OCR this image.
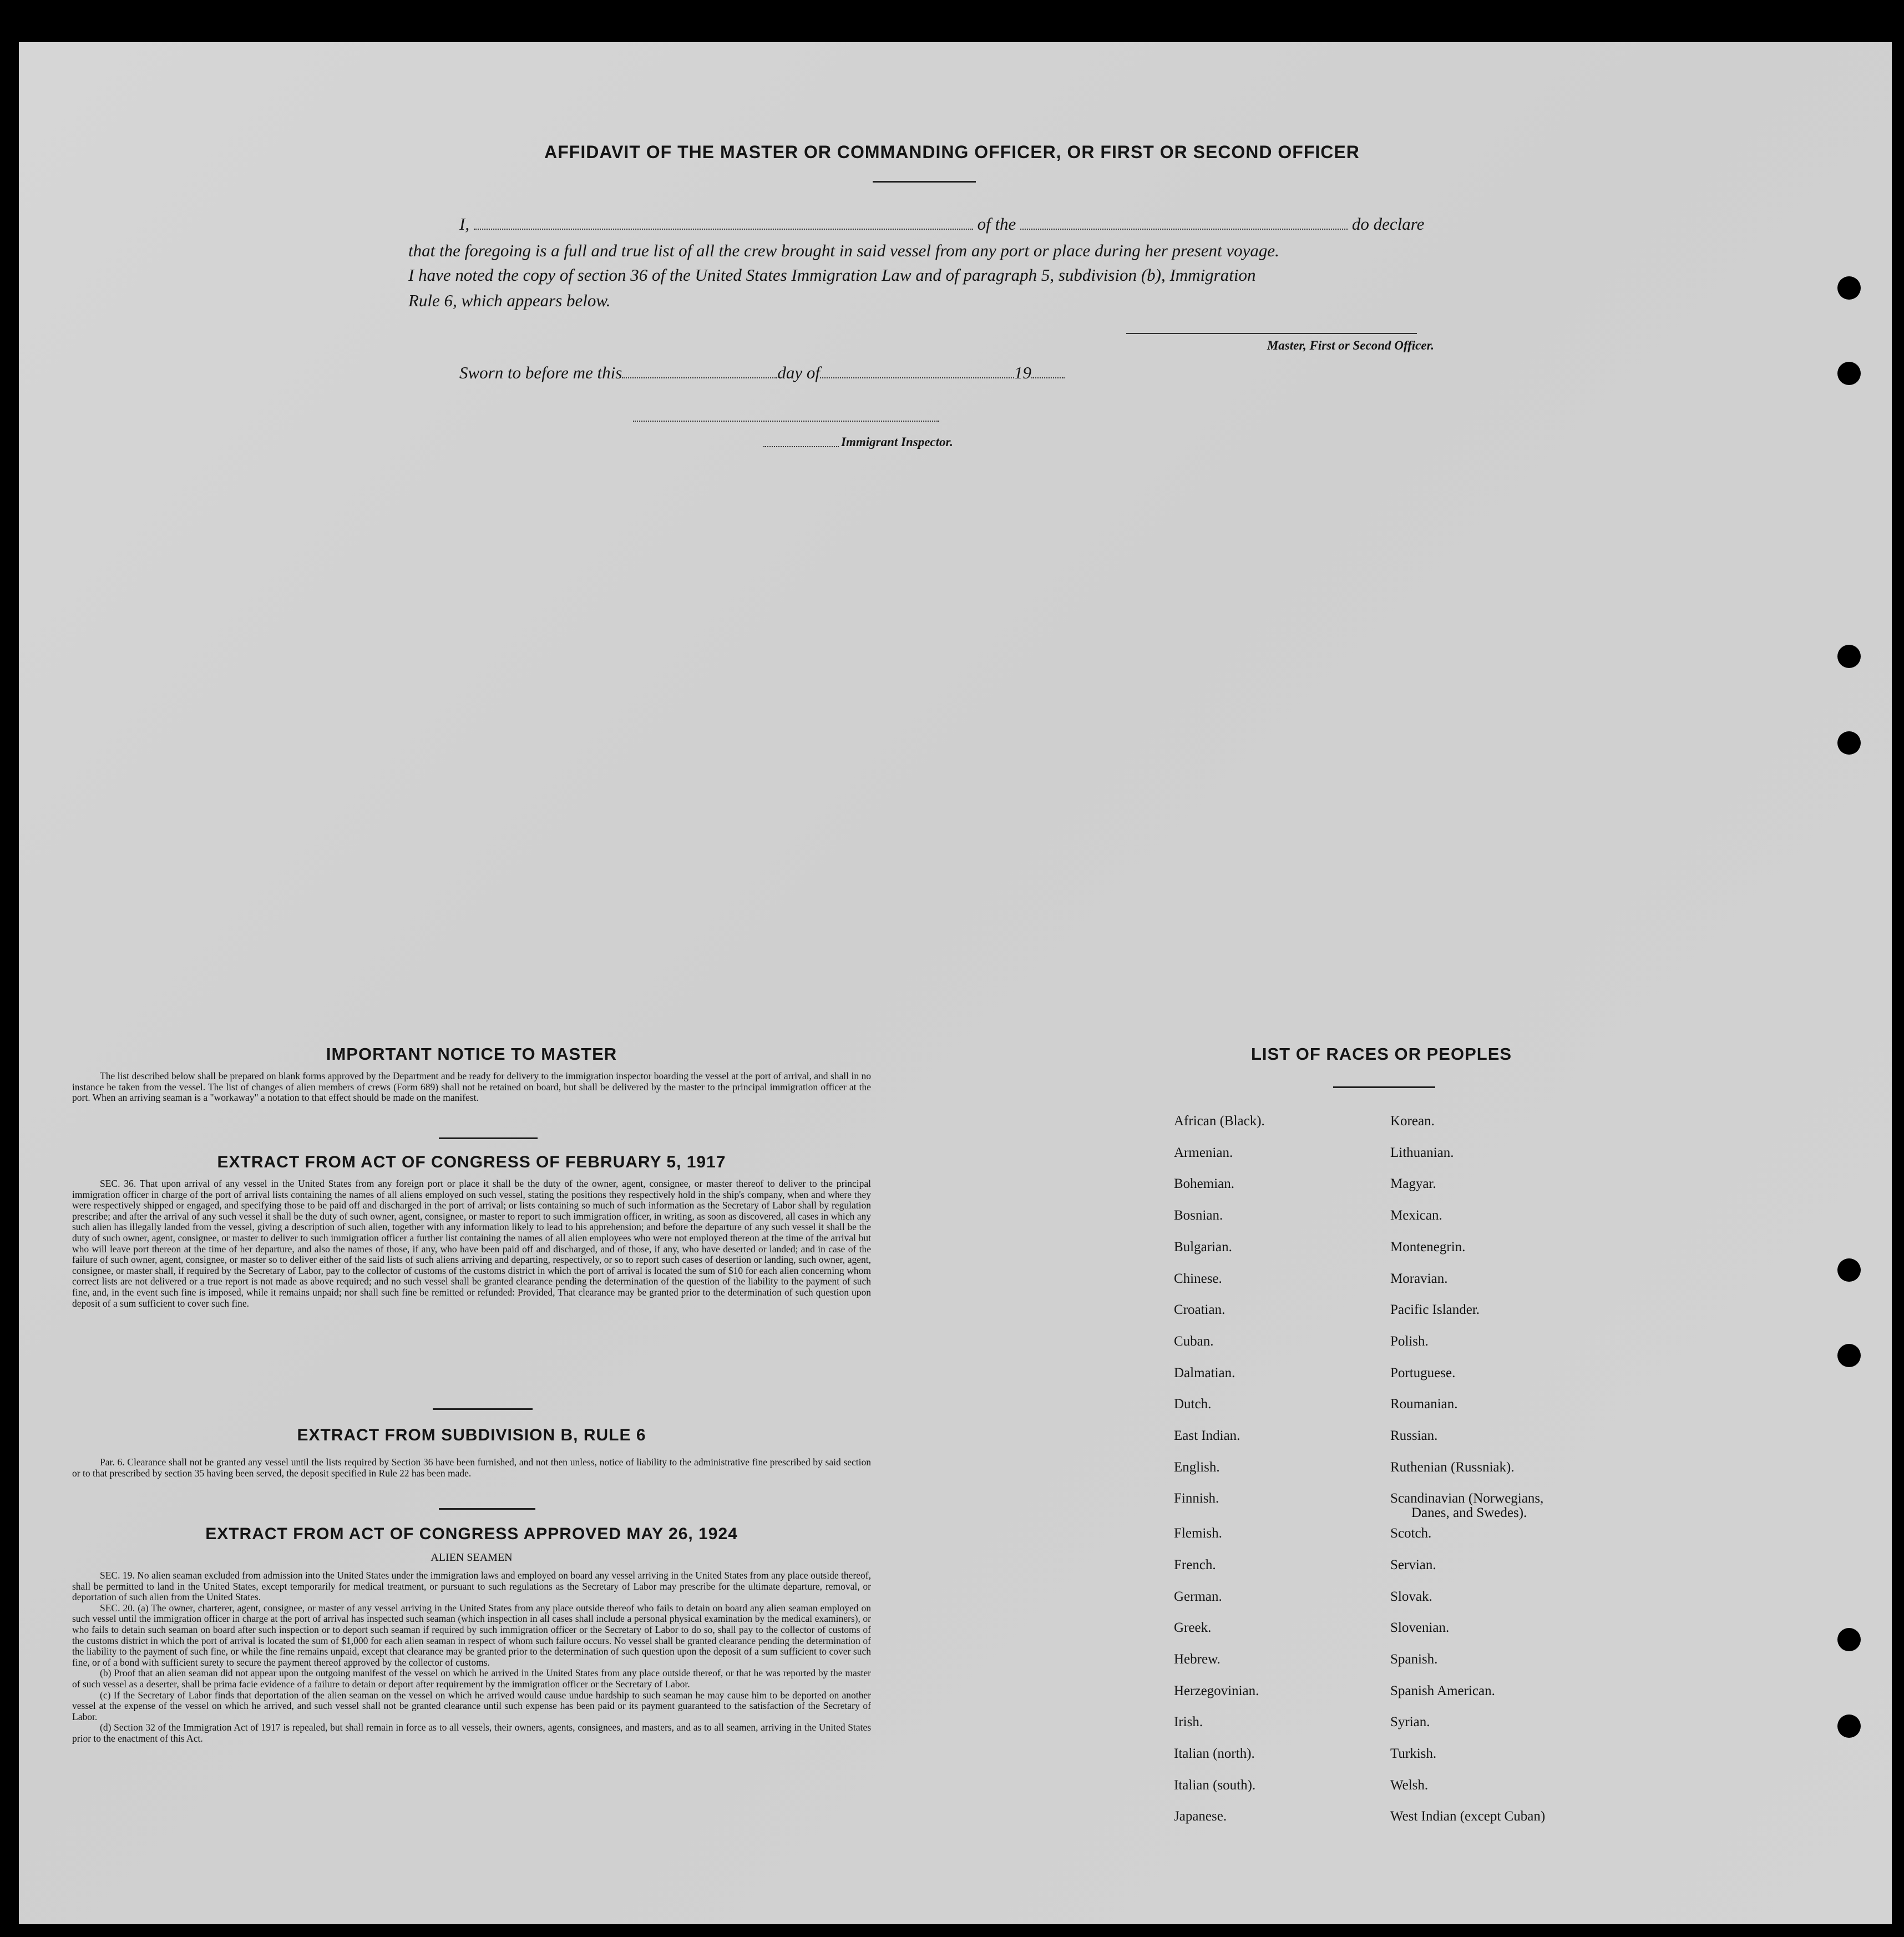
AFFIDAVIT OF THE MASTER OR COMMANDING OFFICER, OR FIRST OR SECOND OFFICER
I,	of the	do declare
that the foregoing is a full and true list of all the crew brought in said vessel from any port or place during her present voyage.
I have noted the copy of section 36 of the United States Immigration Law and of paragraph 5, subdivision (b), Immigration
Rule 6, which appears below.
Master, First or Second Officer.
Sworn to before me this	day of	19
Immigrant Inspector.
IMPORTANT NOTICE TO MASTER
The list described below shall be prepared on blank forms approved by the Department and be ready for delivery to the immigration inspector boarding the vessel at the port of arrival, and shall in no instance be taken from the vessel. The list of changes of alien members of crews (Form 689) shall not be retained on board, but shall be delivered by the master to the principal immigration officer at the port. When an arriving seaman is a "workaway" a notation to that effect should be made on the manifest.
EXTRACT FROM ACT OF CONGRESS OF FEBRUARY 5, 1917
SEC. 36. That upon arrival of any vessel in the United States from any foreign port or place it shall be the duty of the owner, agent, consignee, or master thereof to deliver to the principal immigration officer in charge of the port of arrival lists containing the names of all aliens employed on such vessel, stating the positions they respectively hold in the ship's company, when and where they were respectively shipped or engaged, and specifying those to be paid off and discharged in the port of arrival; or lists containing so much of such information as the Secretary of Labor shall by regulation prescribe; and after the arrival of any such vessel it shall be the duty of such owner, agent, consignee, or master to report to such immigration officer, in writing, as soon as discovered, all cases in which any such alien has illegally landed from the vessel, giving a description of such alien, together with any information likely to lead to his apprehension; and before the departure of any such vessel it shall be the duty of such owner, agent, consignee, or master to deliver to such immigration officer a further list containing the names of all alien employees who were not employed thereon at the time of the arrival but who will leave port thereon at the time of her departure, and also the names of those, if any, who have been paid off and discharged, and of those, if any, who have deserted or landed; and in case of the failure of such owner, agent, consignee, or master so to deliver either of the said lists of such aliens arriving and departing, respectively, or so to report such cases of desertion or landing, such owner, agent, consignee, or master shall, if required by the Secretary of Labor, pay to the collector of customs of the customs district in which the port of arrival is located the sum of $10 for each alien concerning whom correct lists are not delivered or a true report is not made as above required; and no such vessel shall be granted clearance pending the determination of the question of the liability to the payment of such fine, and, in the event such fine is imposed, while it remains unpaid; nor shall such fine be remitted or refunded: Provided, That clearance may be granted prior to the determination of such question upon deposit of a sum sufficient to cover such fine.
EXTRACT FROM SUBDIVISION B, RULE 6
Par. 6. Clearance shall not be granted any vessel until the lists required by Section 36 have been furnished, and not then unless, notice of liability to the administrative fine prescribed by said section or to that prescribed by section 35 having been served, the deposit specified in Rule 22 has been made.
EXTRACT FROM ACT OF CONGRESS APPROVED MAY 26, 1924
ALIEN SEAMEN
SEC. 19. No alien seaman excluded from admission into the United States under the immigration laws and employed on board any vessel arriving in the United States from any place outside thereof, shall be permitted to land in the United States, except temporarily for medical treatment, or pursuant to such regulations as the Secretary of Labor may prescribe for the ultimate departure, removal, or deportation of such alien from the United States.
SEC. 20. (a) The owner, charterer, agent, consignee, or master of any vessel arriving in the United States from any place outside thereof who fails to detain on board any alien seaman employed on such vessel until the immigration officer in charge at the port of arrival has inspected such seaman (which inspection in all cases shall include a personal physical examination by the medical examiners), or who fails to detain such seaman on board after such inspection or to deport such seaman if required by such immigration officer or the Secretary of Labor to do so, shall pay to the collector of customs of the customs district in which the port of arrival is located the sum of $1,000 for each alien seaman in respect of whom such failure occurs. No vessel shall be granted clearance pending the determination of the liability to the payment of such fine, or while the fine remains unpaid, except that clearance may be granted prior to the determination of such question upon the deposit of a sum sufficient to cover such fine, or of a bond with sufficient surety to secure the payment thereof approved by the collector of customs.
(b) Proof that an alien seaman did not appear upon the outgoing manifest of the vessel on which he arrived in the United States from any place outside thereof, or that he was reported by the master of such vessel as a deserter, shall be prima facie evidence of a failure to detain or deport after requirement by the immigration officer or the Secretary of Labor.
(c) If the Secretary of Labor finds that deportation of the alien seaman on the vessel on which he arrived would cause undue hardship to such seaman he may cause him to be deported on another vessel at the expense of the vessel on which he arrived, and such vessel shall not be granted clearance until such expense has been paid or its payment guaranteed to the satisfaction of the Secretary of Labor.
(d) Section 32 of the Immigration Act of 1917 is repealed, but shall remain in force as to all vessels, their owners, agents, consignees, and masters, and as to all seamen, arriving in the United States prior to the enactment of this Act.
LIST OF RACES OR PEOPLES
African (Black).
Armenian.
Bohemian.
Bosnian.
Bulgarian.
Chinese.
Croatian.
Cuban.
Dalmatian.
Dutch.
East Indian.
English.
Finnish.
Flemish.
French.
German.
Greek.
Hebrew.
Herzegovinian.
Irish.
Italian (north).
Italian (south).
Japanese.
Korean.
Lithuanian.
Magyar.
Mexican.
Montenegrin.
Moravian.
Pacific Islander.
Polish.
Portuguese.
Roumanian.
Russian.
Ruthenian (Russniak).
Scandinavian (Norwegians,
Danes, and Swedes).
Scotch.
Servian.
Slovak.
Slovenian.
Spanish.
Spanish American.
Syrian.
Turkish.
Welsh.
West Indian (except Cuban)
